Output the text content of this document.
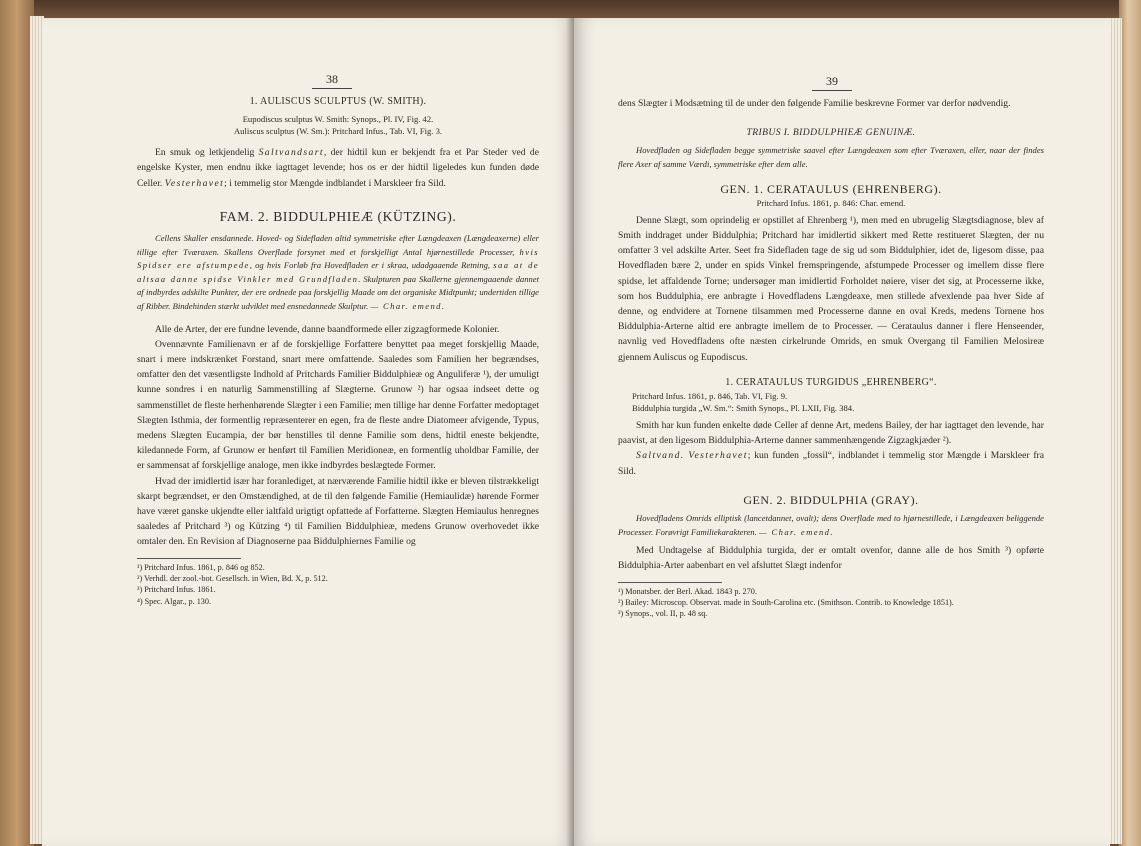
38

1. AULISCUS SCULPTUS (W. SMITH).

Eupodiscus sculptus W. Smith: Synops., Pl. IV, Fig. 42.

Auliscus sculptus (W. Sm.): Pritchard Infus., Tab. VI, Fig. 3.

En smuk og letkjendelig Saltvandsart, der hidtil kun er bekjendt fra et Par Steder ved de engelske Kyster, men endnu ikke iagttaget levende; hos os er der hidtil ligeledes kun funden døde Celler. Vesterhavet; i temmelig stor Mængde indblandet i Marskleer fra Sild.

FAM. 2. BIDDULPHIEÆ (KÜTZING).

Cellens Skaller ensdannede. Hoved- og Sidefladen altid symmetriske efter Længdeaxen (Længdeaxerne) eller tillige efter Tværaxen. Skallens Overflade forsynet med et forskjelligt Antal hjørnestillede Processer, hvis Spidser ere afstumpede, og hvis Forløb fra Hovedfladen er i skraa, udadgaaende Retning, saa at de altsaa danne spidse Vinkler med Grundfladen. Skulpturen paa Skallerne gjennemgaaende dannet af indbyrdes adskilte Punkter, der ere ordnede paa forskjellig Maade om det organiske Midtpunkt; undertiden tillige af Ribber. Bindehinden stærkt udviklet med ensnedannede Skulptur. — Char. emend.

Alle de Arter, der ere fundne levende, danne baandformede eller zigzagformede Kolonier.

Ovennævnte Familienavn er af de forskjellige Forfattere benyttet paa meget forskjellig Maade, snart i mere indskrænket Forstand, snart mere omfattende. Saaledes som Familien her begrændses, omfatter den det væsentligste Indhold af Pritchards Familier Biddulphieæ og Anguliferæ ¹), der umuligt kunne sondres i en naturlig Sammenstilling af Slægterne. Grunow ²) har ogsaa indseet dette og sammenstillet de fleste herhenhørende Slægter i een Familie; men tillige har denne Forfatter medoptaget Slægten Isthmia, der formentlig repræsenterer en egen, fra de fleste andre Diatomeer afvigende, Typus, medens Slægten Eucampia, der bør henstilles til denne Familie som dens, hidtil eneste bekjendte, kiledannede Form, af Grunow er henført til Familien Meridioneæ, en formentlig uholdbar Familie, der er sammensat af forskjellige analoge, men ikke indbyrdes beslægtede Former.

Hvad der imidlertid især har foranlediget, at nærværende Familie hidtil ikke er bleven tilstrækkeligt skarpt begrændset, er den Omstændighed, at de til den følgende Familie (Hemiaulidæ) hørende Former have været ganske ukjendte eller ialtfald urigtigt opfattede af Forfatterne. Slægten Hemiaulus henregnes saaledes af Pritchard ³) og Kützing ⁴) til Familien Biddulphieæ, medens Grunow overhovedet ikke omtaler den. En Revision af Diagnoserne paa Biddulphiernes Familie og

¹) Pritchard Infus. 1861, p. 846 og 852.

²) Verhdl. der zool.-bot. Gesellsch. in Wien, Bd. X, p. 512.

³) Pritchard Infus. 1861.

⁴) Spec. Algar., p. 130.

39

dens Slægter i Modsætning til de under den følgende Familie beskrevne Former var derfor nødvendig.

TRIBUS I. BIDDULPHIEÆ GENUINÆ.

Hovedfladen og Sidefladen begge symmetriske saavel efter Længdeaxen som efter Tværaxen, eller, naar der findes flere Axer af samme Værdi, symmetriske efter dem alle.

GEN. 1. CERATAULUS (EHRENBERG).

Pritchard Infus. 1861, p. 846: Char. emend.

Denne Slægt, som oprindelig er opstillet af Ehrenberg ¹), men med en ubrugelig Slægtsdiagnose, blev af Smith inddraget under Biddulphia; Pritchard har imidlertid sikkert med Rette restitueret Slægten, der nu omfatter 3 vel adskilte Arter. Seet fra Sidefladen tage de sig ud som Biddulphier, idet de, ligesom disse, paa Hovedfladen bære 2, under en spids Vinkel fremspringende, afstumpede Processer og imellem disse flere spidse, let affaldende Torne; undersøger man imidlertid Forholdet nøiere, viser det sig, at Processerne ikke, som hos Buddulphia, ere anbragte i Hovedfladens Længdeaxe, men stillede afvexlende paa hver Side af denne, og endvidere at Tornene tilsammen med Processerne danne en oval Kreds, medens Tornene hos Biddulphia-Arterne altid ere anbragte imellem de to Processer. — Cerataulus danner i flere Henseender, navnlig ved Hovedfladens ofte næsten cirkelrunde Omrids, en smuk Overgang til Familien Melosireæ gjennem Auliscus og Eupodiscus.

1. CERATAULUS TURGIDUS „EHRENBERG“.

Pritchard Infus. 1861, p. 846, Tab. VI, Fig. 9.

Biddulphia turgida „W. Sm.“: Smith Synops., Pl. LXII, Fig. 384.

Smith har kun funden enkelte døde Celler af denne Art, medens Bailey, der har iagttaget den levende, har paavist, at den ligesom Biddulphia-Arterne danner sammenhængende Zigzagkjæder ²).

Saltvand. Vesterhavet; kun funden „fossil“, indblandet i temmelig stor Mængde i Marskleer fra Sild.

GEN. 2. BIDDULPHIA (GRAY).

Hovedfladens Omrids elliptisk (lancetdannet, ovalt); dens Overflade med to hjørnestillede, i Længdeaxen beliggende Processer. Forøvrigt Familiekarakteren. — Char. emend.

Med Undtagelse af Biddulphia turgida, der er omtalt ovenfor, danne alle de hos Smith ³) opførte Biddulphia-Arter aabenbart en vel afsluttet Slægt indenfor

¹) Monatsber. der Berl. Akad. 1843 p. 270.

²) Bailey: Microscop. Observat. made in South-Carolina etc. (Smithson. Contrib. to Knowledge 1851).

³) Synops., vol. II, p. 48 sq.
